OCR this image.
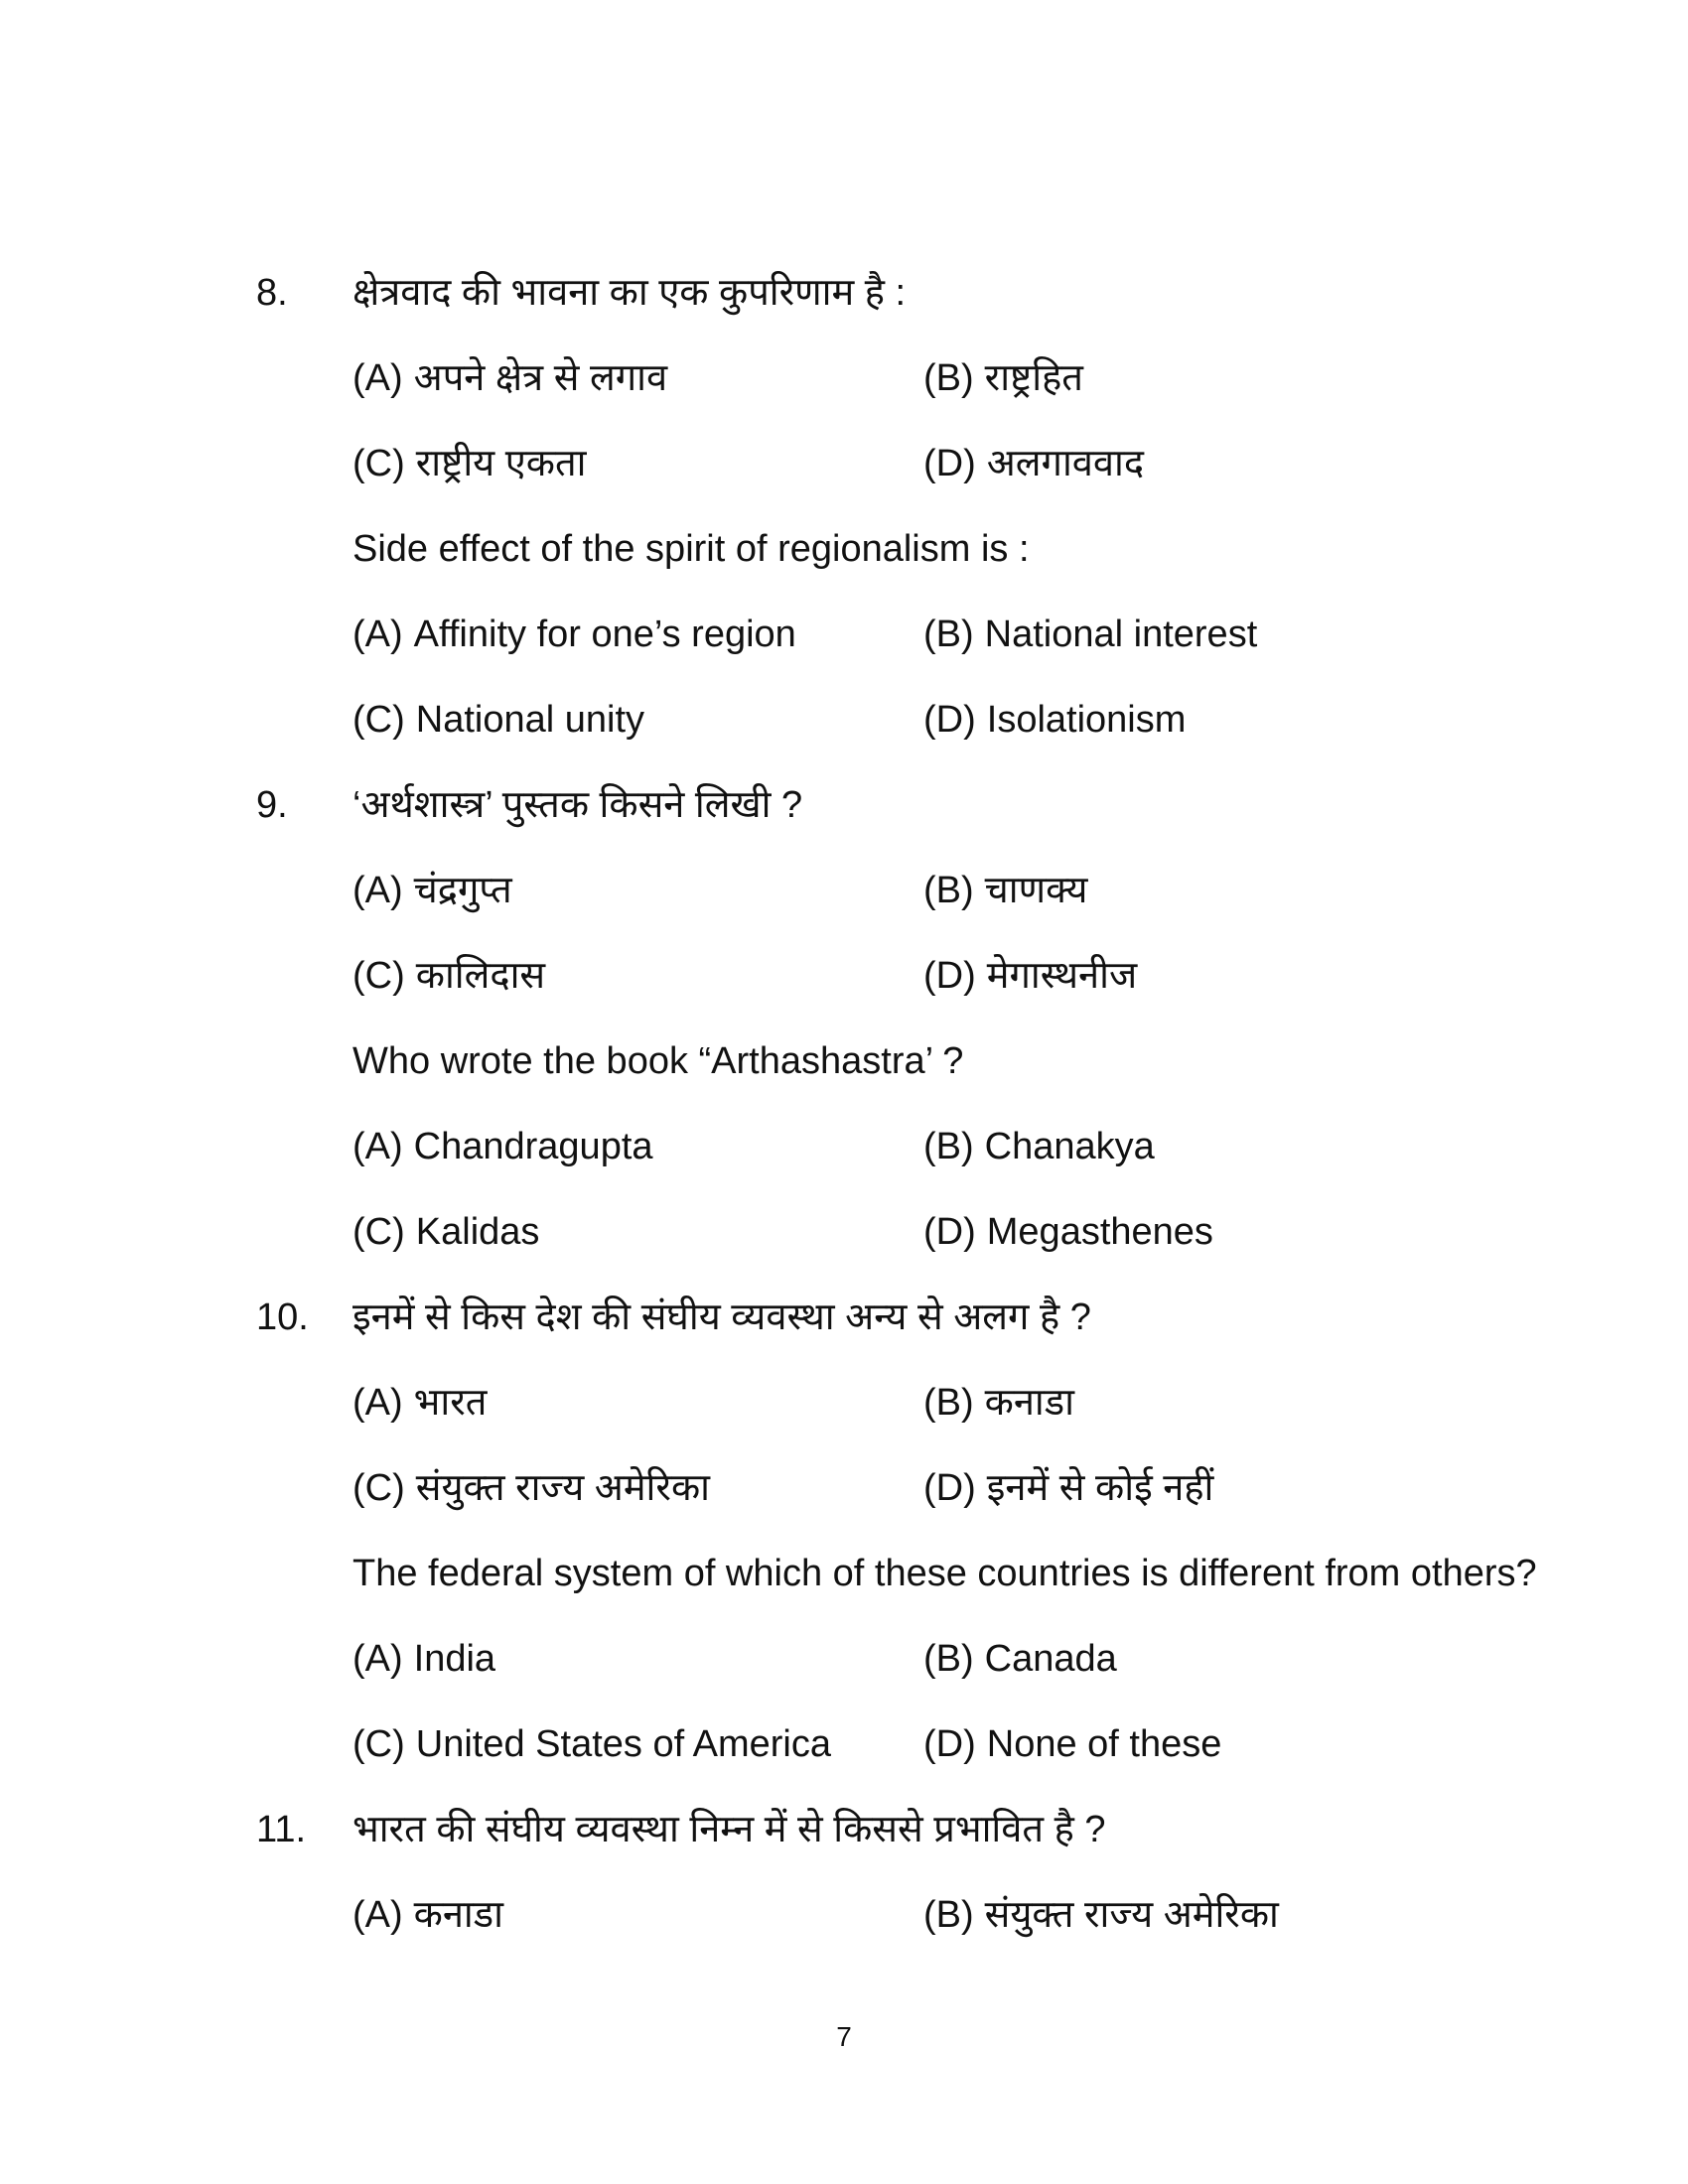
8.	क्षेत्रवाद की भावना का एक कुपरिणाम है :
(A) अपने क्षेत्र से लगाव	(B) राष्ट्रहित
(C) राष्ट्रीय एकता	(D) अलगाववाद
Side effect of the spirit of regionalism is :
(A) Affinity for one’s region	(B) National interest
(C) National unity	(D) Isolationism
9.	‘अर्थशास्त्र’ पुस्तक किसने लिखी ?
(A) चंद्रगुप्त	(B) चाणक्य
(C) कालिदास	(D) मेगास्थनीज
Who wrote the book “Arthashastra’ ?
(A) Chandragupta	(B) Chanakya
(C) Kalidas	(D) Megasthenes
10.	इनमें से किस देश की संघीय व्यवस्था अन्य से अलग है ?
(A) भारत	(B) कनाडा
(C) संयुक्त राज्य अमेरिका	(D) इनमें से कोई नहीं
The federal system of which of these countries is different from others?
(A) India	(B) Canada
(C) United States of America (D) None of these
11.	भारत की संघीय व्यवस्था निम्न में से किससे प्रभावित है ?
(A) कनाडा	(B) संयुक्त राज्य अमेरिका
7
